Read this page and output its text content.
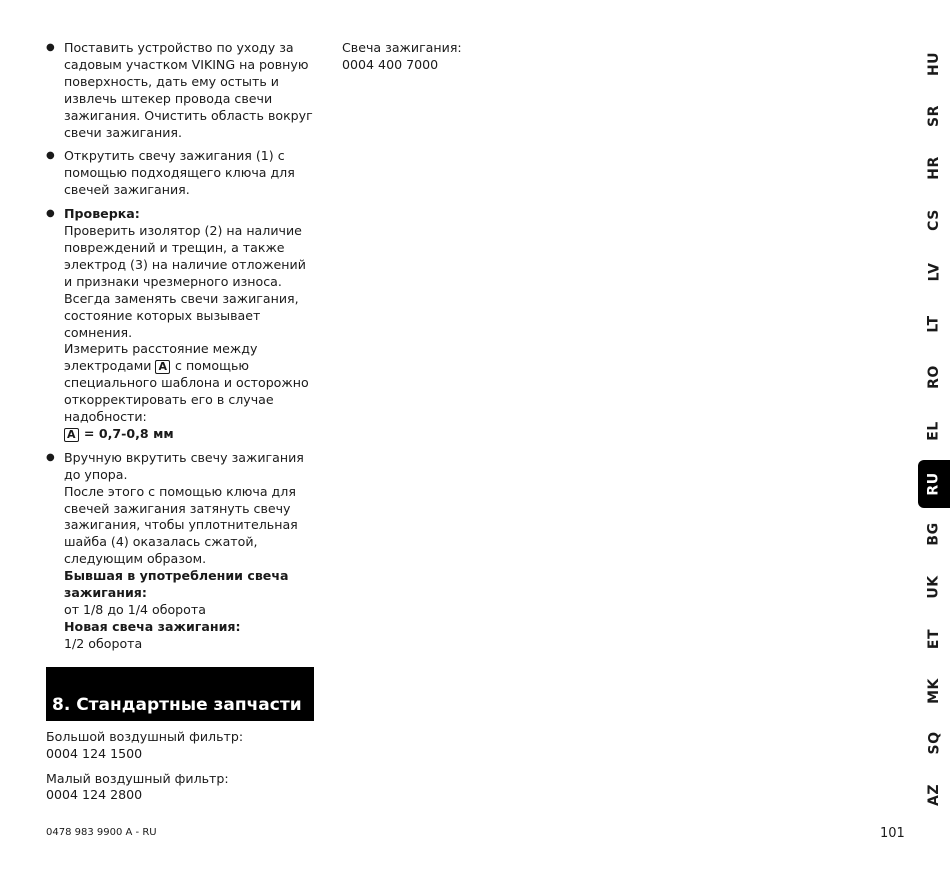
● Поставить устройство по уходу за садовым участком VIKING на ровную поверхность, дать ему остыть и извлечь штекер провода свечи зажигания. Очистить область вокруг свечи зажигания.
● Открутить свечу зажигания (1) с помощью подходящего ключа для свечей зажигания.
● Проверка:
Проверить изолятор (2) на наличие повреждений и трещин, а также электрод (3) на наличие отложений и признаки чрезмерного износа.
Всегда заменять свечи зажигания, состояние которых вызывает сомнения.
Измерить расстояние между электродами A с помощью специального шаблона и осторожно откорректировать его в случае надобности:
A = 0,7-0,8 мм
● Вручную вкрутить свечу зажигания до упора.
После этого с помощью ключа для свечей зажигания затянуть свечу зажигания, чтобы уплотнительная шайба (4) оказалась сжатой, следующим образом.
Бывшая в употреблении свеча зажигания:
от 1/8 до 1/4 оборота
Новая свеча зажигания:
1/2 оборота
8. Стандартные запчасти
Большой воздушный фильтр:
0004 124 1500
Малый воздушный фильтр:
0004 124 2800
Свеча зажигания:
0004 400 7000
0478 983 9900 A - RU	101
HU
SR
HR
CS
LV
LT
RO
EL
RU
BG
UK
ET
MK
SQ
AZ
